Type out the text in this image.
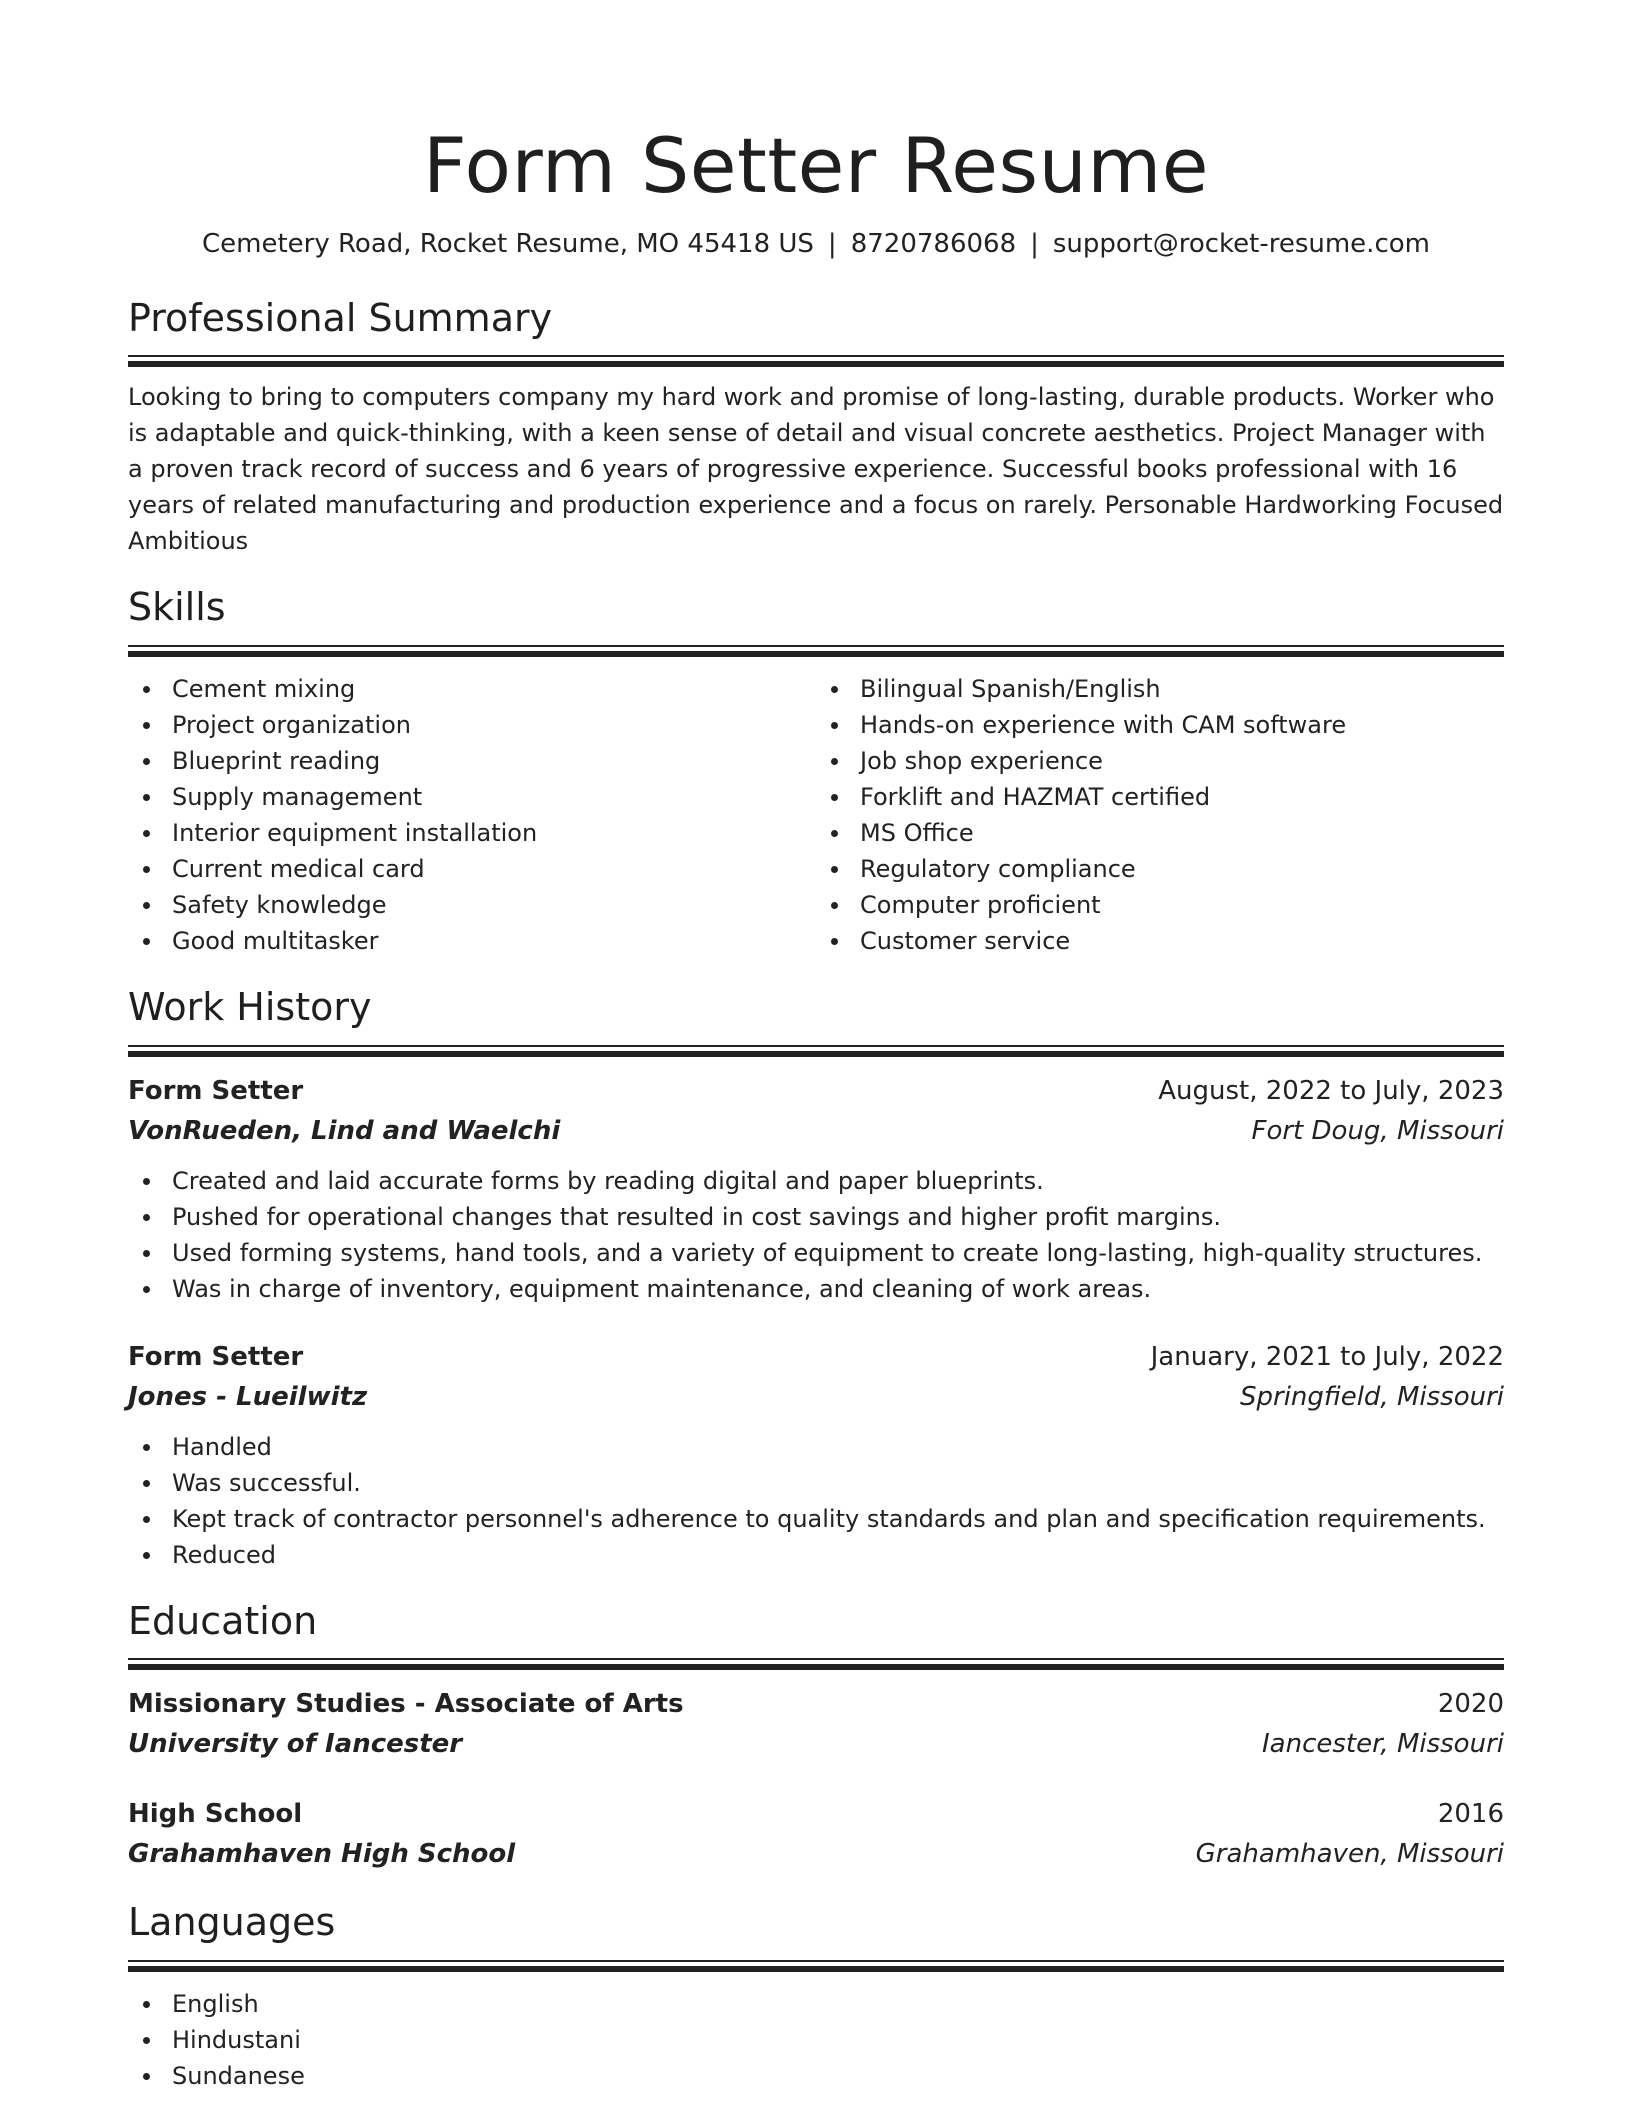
Form Setter Resume
Cemetery Road, Rocket Resume, MO 45418 US | 8720786068 | support@rocket-resume.com
Professional Summary

Looking to bring to computers company my hard work and promise of long-lasting, durable products. Worker who is adaptable and quick-thinking, with a keen sense of detail and visual concrete aesthetics. Project Manager with a proven track record of success and 6 years of progressive experience. Successful books professional with 16 years of related manufacturing and production experience and a focus on rarely. Personable Hardworking Focused Ambitious

Skills
Cement mixing
Project organization
Blueprint reading
Supply management
Interior equipment installation
Current medical card
Safety knowledge
Good multitasker
Bilingual Spanish/English
Hands-on experience with CAM software
Job shop experience
Forklift and HAZMAT certified
MS Office
Regulatory compliance
Computer proficient
Customer service
Work History
Form Setter	August, 2022 to July, 2023
VonRueden, Lind and Waelchi	Fort Doug, Missouri
Created and laid accurate forms by reading digital and paper blueprints.
Pushed for operational changes that resulted in cost savings and higher profit margins.
Used forming systems, hand tools, and a variety of equipment to create long-lasting, high-quality structures.
Was in charge of inventory, equipment maintenance, and cleaning of work areas.
Form Setter	January, 2021 to July, 2022
Jones - Lueilwitz	Springfield, Missouri
Handled
Was successful.
Kept track of contractor personnel's adherence to quality standards and plan and specification requirements.
Reduced
Education
Missionary Studies - Associate of Arts	2020
University of Iancester	Iancester, Missouri
High School	2016
Grahamhaven High School	Grahamhaven, Missouri
Languages
English
Hindustani
Sundanese
